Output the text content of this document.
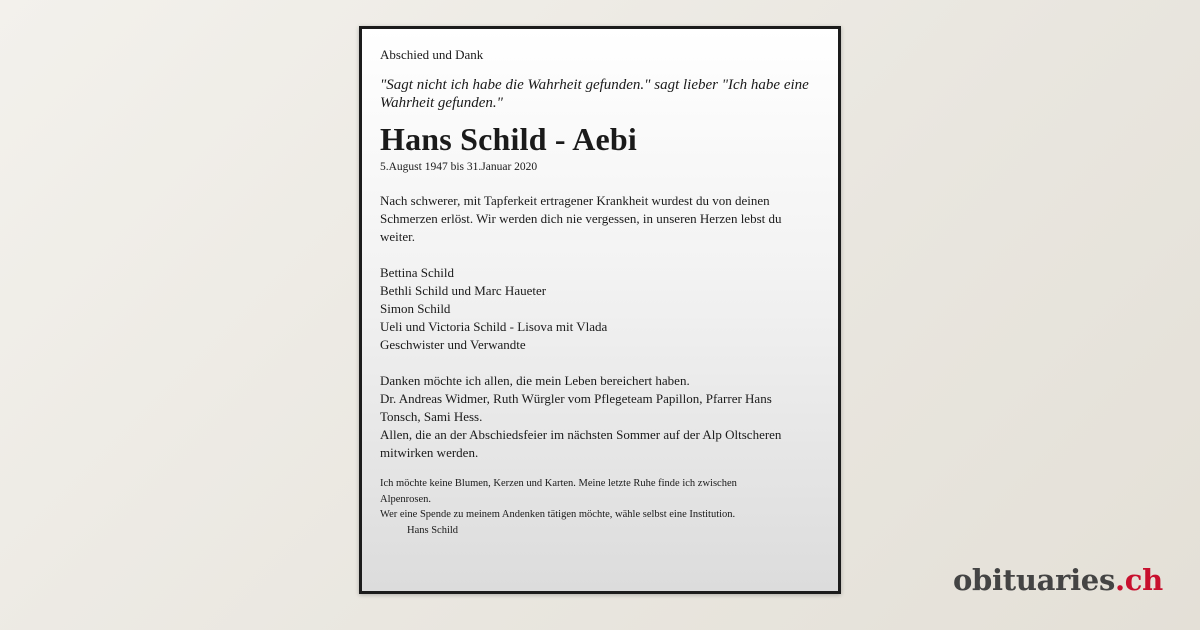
Abschied und Dank

"Sagt nicht ich habe die Wahrheit gefunden." sagt lieber "Ich habe eine
Wahrheit gefunden."
Hans Schild - Aebi

5.August 1947 bis 31.Januar 2020

Nach schwerer, mit Tapferkeit ertragener Krankheit wurdest du von deinen
Schmerzen erlöst. Wir werden dich nie vergessen, in unseren Herzen lebst du
weiter.
Bettina Schild
Bethli Schild und Marc Haueter
Simon Schild
Ueli und Victoria Schild - Lisova mit Vlada
Geschwister und Verwandte
Danken möchte ich allen, die mein Leben bereichert haben.
Dr. Andreas Widmer, Ruth Würgler vom Pflegeteam Papillon, Pfarrer Hans
Tonsch, Sami Hess.
Allen, die an der Abschiedsfeier im nächsten Sommer auf der Alp Oltscheren
mitwirken werden.
Ich möchte keine Blumen, Kerzen und Karten. Meine letzte Ruhe finde ich zwischen
Alpenrosen.
Wer eine Spende zu meinem Andenken tätigen möchte, wähle selbst eine Institution.
Hans Schild

obituaries.ch
